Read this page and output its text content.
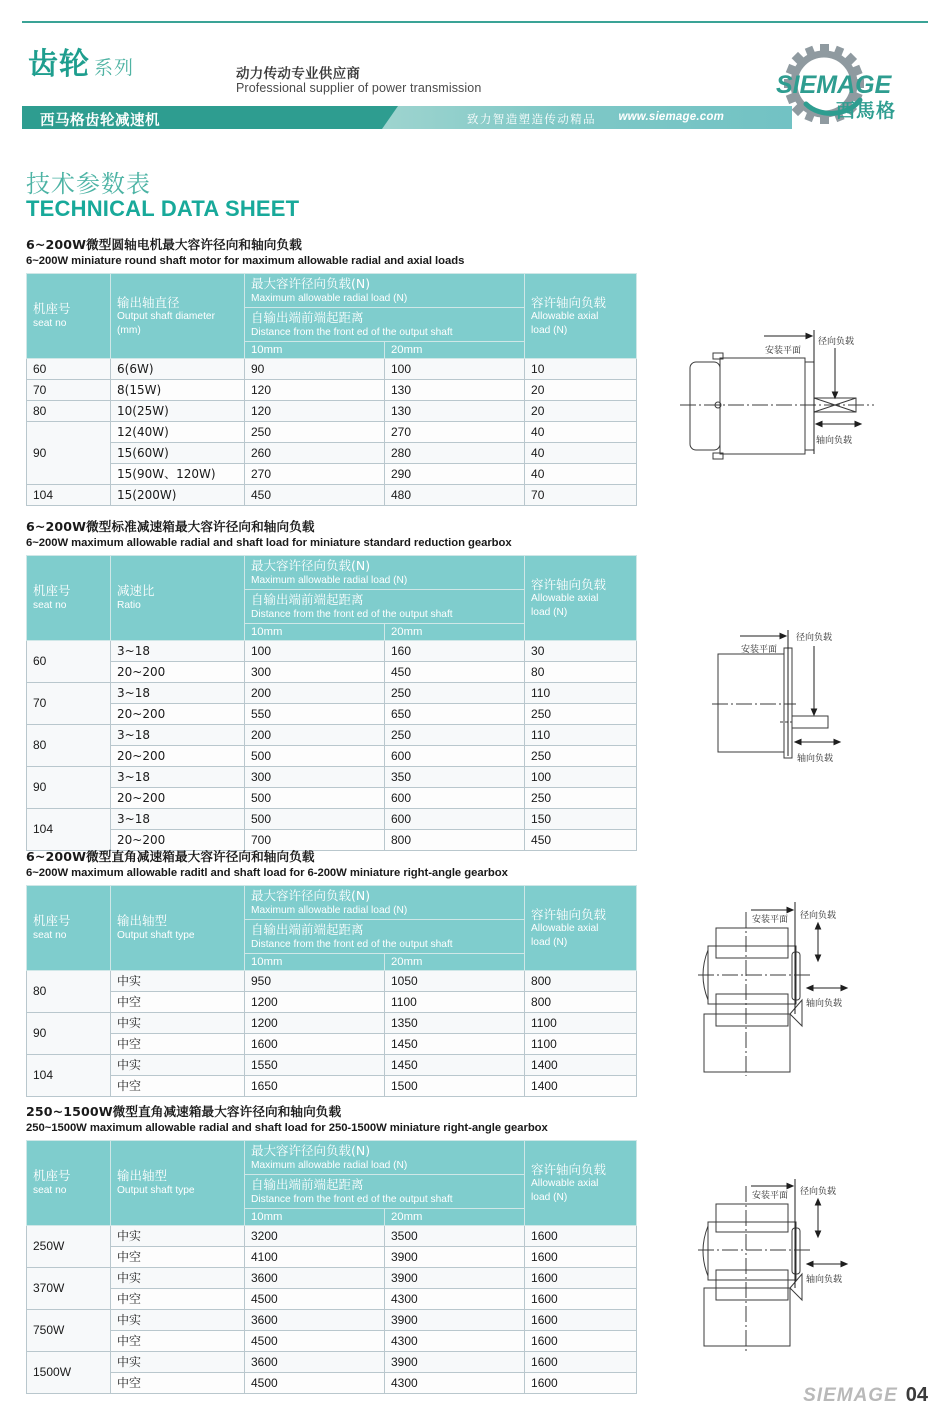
齿轮 系列	动力传动专业供应商
Professional supplier of power transmission
西马格齿轮减速机	致力智造塑造传动精品 www.siemage.com
SIEMAGE
西馬格
技术参数表
TECHNICAL DATA SHEET
6~200W微型圆轴电机最大容许径向和轴向负载
6~200W miniature round shaft motor for maximum allowable radial and axial loads
机座号
seat no

输出轴直径
Output shaft diameter
(mm)

最大容许径向负载(N)
Maximum allowable radial load (N)	容许轴向负载
Allowable axial
load (N)

		自输出端前端起距离
Distance from the front ed of the output shaft		

		10mm	20mm	
60	6(6W)	90	100	10
70	8(15W)	120	130	20
80	10(25W)	120	130	20
90	12(40W)	250	270	40
	15(60W)	260	280	40
	15(90W、120W)	270	290	40
104	15(200W)	450	480	70
6~200W微型标准减速箱最大容许径向和轴向负载
6~200W maximum allowable radial and shaft load for miniature standard reduction gearbox
机座号
seat no

减速比
Ratio

最大容许径向负载(N)
Maximum allowable radial load (N)	容许轴向负载
Allowable axial
load (N)

		自输出端前端起距离
Distance from the front ed of the output shaft		

		10mm	20mm	
60	3~18	100	160	30
	20~200	300	450	80
70	3~18	200	250	110
	20~200	550	650	250
80	3~18	200	250	110
	20~200	500	600	250
90	3~18	300	350	100
	20~200	500	600	250
104	3~18	500	600	150
	20~200	700	800	450
6~200W微型直角减速箱最大容许径向和轴向负载
6~200W maximum allowable raditl and shaft load for 6-200W miniature right-angle gearbox
机座号
seat no

输出轴型
Output shaft type

最大容许径向负载(N)
Maximum allowable radial load (N)	容许轴向负载
Allowable axial
load (N)

		自输出端前端起距离
Distance from the front ed of the output shaft		

		10mm	20mm	
80	中实	950	1050	800
	中空	1200	1100	800
90	中实	1200	1350	1100
	中空	1600	1450	1100
104	中实	1550	1450	1400
	中空	1650	1500	1400
250~1500W微型直角减速箱最大容许径向和轴向负载
250~1500W maximum allowable radial and shaft load for 250-1500W miniature right-angle gearbox
机座号
seat no

输出轴型
Output shaft type

最大容许径向负载(N)
Maximum allowable radial load (N)	容许轴向负载
Allowable axial
load (N)

		自输出端前端起距离
Distance from the front ed of the output shaft		

		10mm	20mm	
250W	中实	3200	3500	1600
	中空	4100	3900	1600
370W	中实	3600	3900	1600
	中空	4500	4300	1600
750W	中实	3600	3900	1600
	中空	4500	4300	1600
1500W	中实	3600	3900	1600
	中空	4500	4300	1600
安装平面
径向负载
轴向负载
安装平面
径向负载
轴向负载
安装平面 径向负载
轴向负载
安装平面 径向负载
轴向负载
SIEMAGE 04
